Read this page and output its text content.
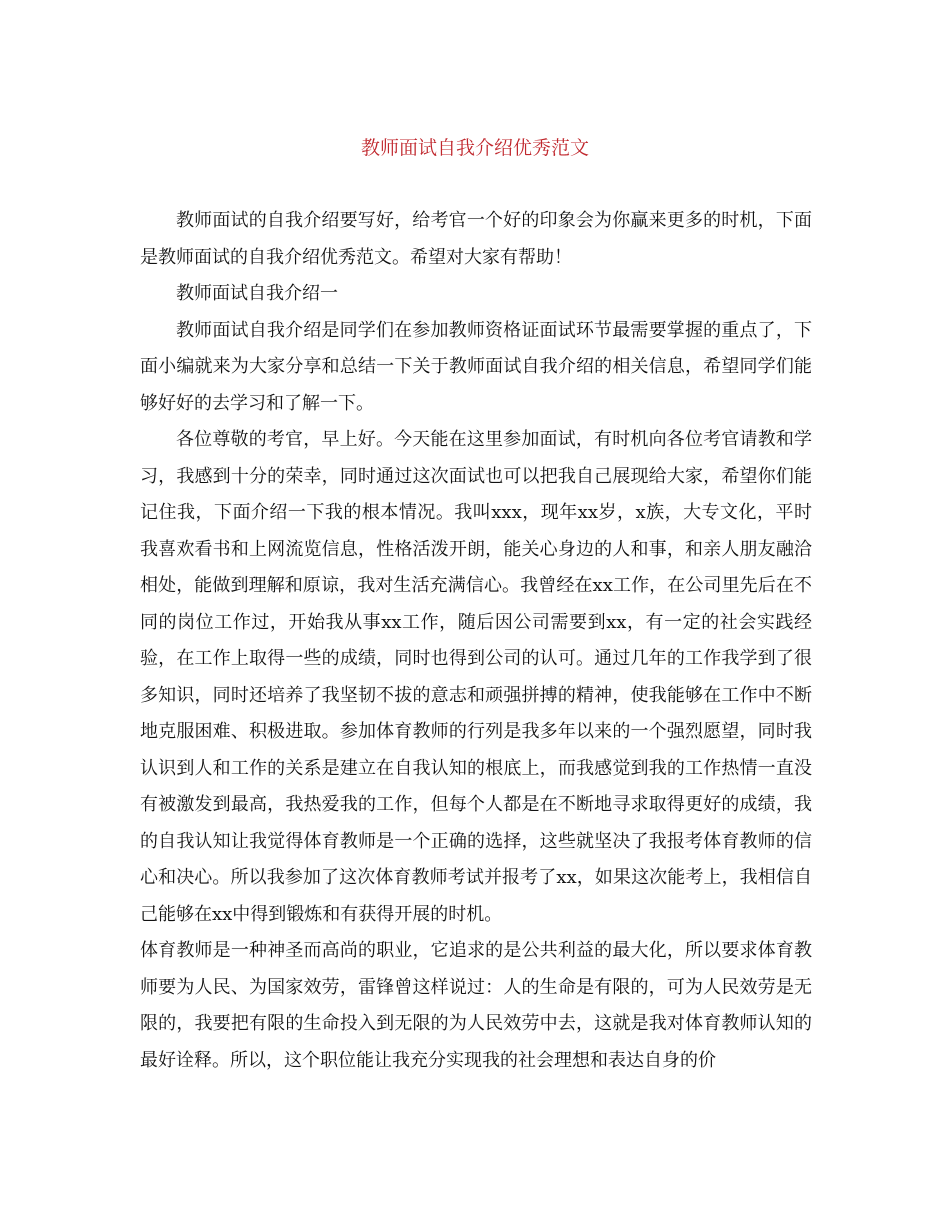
教师面试自我介绍优秀范文

教师面试的自我介绍要写好，给考官一个好的印象会为你赢来更多的时机，下面是教师面试的自我介绍优秀范文。希望对大家有帮助！

教师面试自我介绍一

教师面试自我介绍是同学们在参加教师资格证面试环节最需要掌握的重点了，下面小编就来为大家分享和总结一下关于教师面试自我介绍的相关信息，希望同学们能够好好的去学习和了解一下。

各位尊敬的考官，早上好。今天能在这里参加面试，有时机向各位考官请教和学习，我感到十分的荣幸，同时通过这次面试也可以把我自己展现给大家，希望你们能记住我，下面介绍一下我的根本情况。我叫xxx，现年xx岁，x族，大专文化，平时我喜欢看书和上网流览信息，性格活泼开朗，能关心身边的人和事，和亲人朋友融洽相处，能做到理解和原谅，我对生活充满信心。我曾经在xx工作，在公司里先后在不同的岗位工作过，开始我从事xx工作，随后因公司需要到xx，有一定的社会实践经验，在工作上取得一些的成绩，同时也得到公司的认可。通过几年的工作我学到了很多知识，同时还培养了我坚韧不拔的意志和顽强拼搏的精神，使我能够在工作中不断地克服困难、积极进取。参加体育教师的行列是我多年以来的一个强烈愿望，同时我认识到人和工作的关系是建立在自我认知的根底上，而我感觉到我的工作热情一直没有被激发到最高，我热爱我的工作，但每个人都是在不断地寻求取得更好的成绩，我的自我认知让我觉得体育教师是一个正确的选择，这些就坚决了我报考体育教师的信心和决心。所以我参加了这次体育教师考试并报考了xx，如果这次能考上，我相信自己能够在xx中得到锻炼和有获得开展的时机。

体育教师是一种神圣而高尚的职业，它追求的是公共利益的最大化，所以要求体育教师要为人民、为国家效劳，雷锋曾这样说过：人的生命是有限的，可为人民效劳是无限的，我要把有限的生命投入到无限的为人民效劳中去，这就是我对体育教师认知的最好诠释。所以，这个职位能让我充分实现我的社会理想和表达自身的价
